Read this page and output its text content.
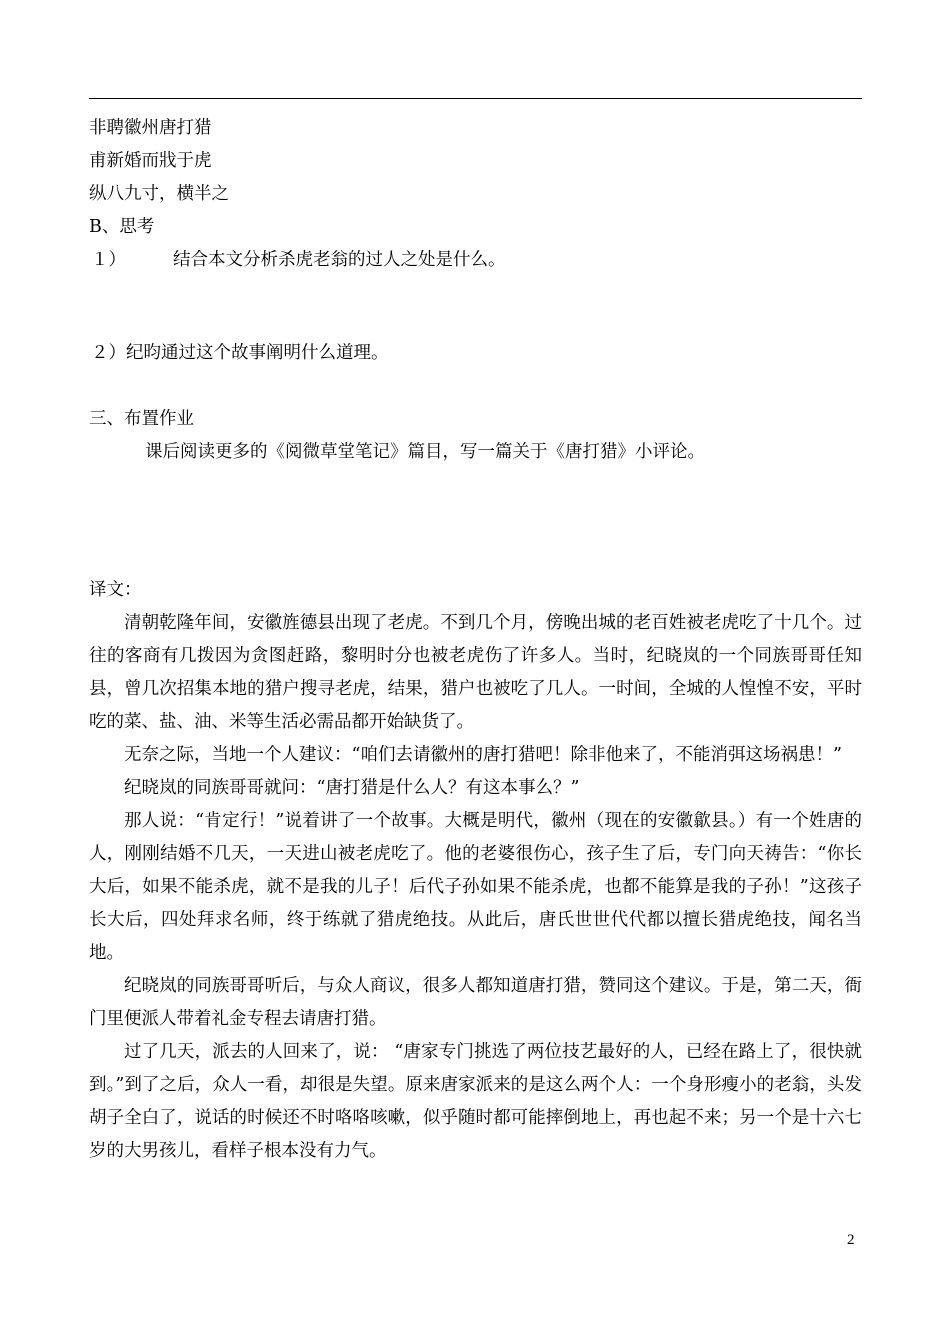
非聘徽州唐打猎
甫新婚而戕于虎
纵八九寸，横半之
B、思考
１）	结合本文分析杀虎老翁的过人之处是什么。
２）纪昀通过这个故事阐明什么道理。
三、布置作业
课后阅读更多的《阅微草堂笔记》篇目，写一篇关于《唐打猎》小评论。
译文：

清朝乾隆年间，安徽旌德县出现了老虎。不到几个月，傍晚出城的老百姓被老虎吃了十几个。过往的客商有几拨因为贪图赶路，黎明时分也被老虎伤了许多人。当时，纪晓岚的一个同族哥哥任知县，曾几次招集本地的猎户搜寻老虎，结果，猎户也被吃了几人。一时间，全城的人惶惶不安，平时吃的菜、盐、油、米等生活必需品都开始缺货了。

无奈之际，当地一个人建议：“咱们去请徽州的唐打猎吧！除非他来了，不能消弭这场祸患！”

纪晓岚的同族哥哥就问：“唐打猎是什么人？有这本事么？”

那人说：“肯定行！”说着讲了一个故事。大概是明代，徽州（现在的安徽歙县。）有一个姓唐的人，刚刚结婚不几天，一天进山被老虎吃了。他的老婆很伤心，孩子生了后，专门向天祷告：“你长大后，如果不能杀虎，就不是我的儿子！后代子孙如果不能杀虎，也都不能算是我的子孙！”这孩子长大后，四处拜求名师，终于练就了猎虎绝技。从此后，唐氏世世代代都以擅长猎虎绝技，闻名当地。

纪晓岚的同族哥哥听后，与众人商议，很多人都知道唐打猎，赞同这个建议。于是，第二天，衙门里便派人带着礼金专程去请唐打猎。

过了几天，派去的人回来了，说： “唐家专门挑选了两位技艺最好的人，已经在路上了，很快就到。”到了之后，众人一看，却很是失望。原来唐家派来的是这么两个人：一个身形瘦小的老翁，头发胡子全白了，说话的时候还不时咯咯咳嗽，似乎随时都可能摔倒地上，再也起不来；另一个是十六七岁的大男孩儿，看样子根本没有力气。

2
